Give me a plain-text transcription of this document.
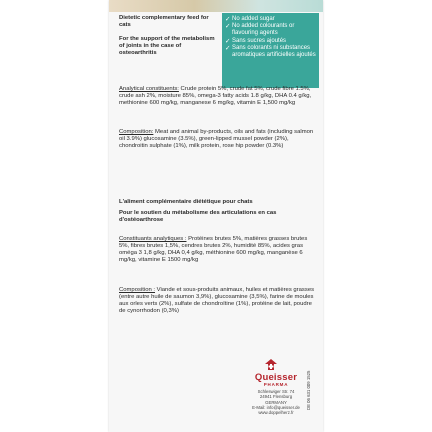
✓ No added sugar
✓ No added colourants or flavouring agents
✓ Sans sucres ajoutés
✓ Sans colorants ni substances aromatiques artificielles ajoutés
Dietetic complementary feed for cats
For the support of the metabolism of joints in the case of osteoarthritis
Analytical constituents: Crude protein 5%, crude fat 5%, crude fibre 1.5%, crude ash 2%, moisture 85%, omega-3 fatty acids 1.8 g/kg, DHA 0.4 g/kg, methionine 600 mg/kg, manganese 6 mg/kg, vitamin E 1,500 mg/kg
Composition: Meat and animal by-products, oils and fats (including salmon oil 3.9%) glucosamine (3.5%), green-lipped mussel powder (2%), chondroitin sulphate (1%), milk protein, rose hip powder (0.3%)
L'aliment complémentaire diététique pour chats
Pour le soutien du métabolisme des articulations en cas d'ostéoarthrose
Constituants analytiques : Protéines brutes 5%, matières grasses brutes 5%, fibres brutes 1,5%, cendres brutes 2%, humidité 85%, acides gras oméga 3 1,8 g/kg, DHA 0,4 g/kg, méthionine 600 mg/kg, manganèse 6 mg/kg, vitamine E 1500 mg/kg
Composition : Viande et sous-produits animaux, huiles et matières grasses (entre autre huile de saumon 3,9%), glucosamine (3,5%), farine de moules aux orles verts (2%), sulfate de chondroïtine (1%), protéine de lait, poudre de cynorrhodon (0,3%)
Queisser
PHARMA
Schleswiger Str. 74
24941 Flensburg
GERMANY
E-Mail: info@queisser.de
www.doppelherz.fr
DE 06 631 009 1525
